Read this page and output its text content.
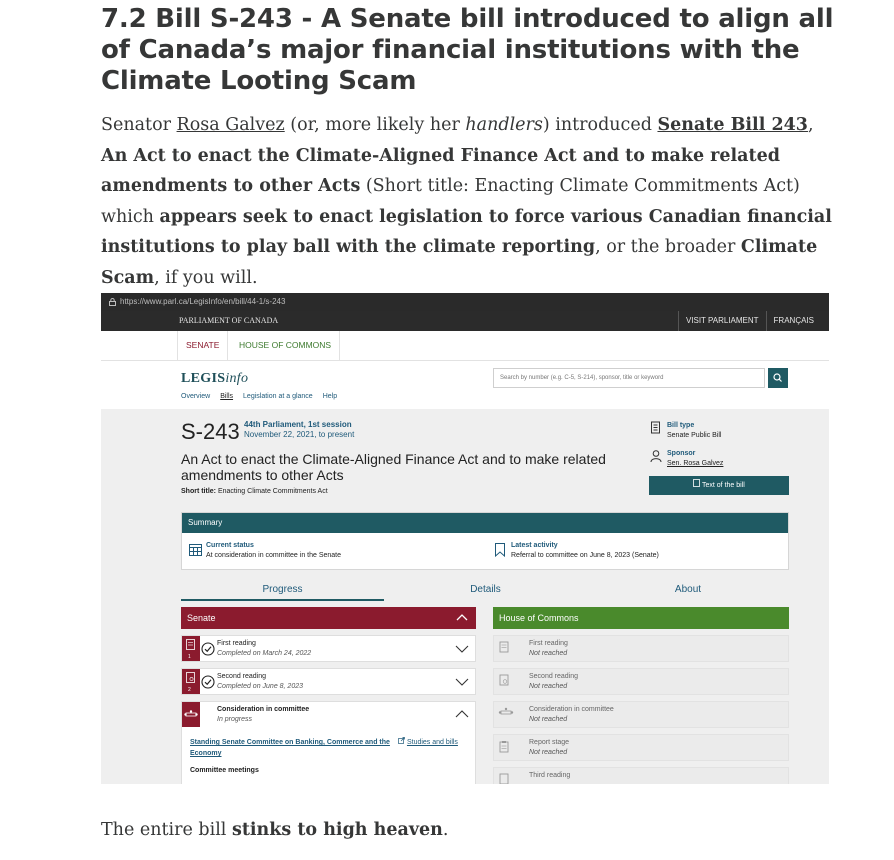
7.2 Bill S-243 - A Senate bill introduced to align all of Canada’s major financial institutions with the Climate Looting Scam

Senator Rosa Galvez (or, more likely her handlers) introduced Senate Bill 243, An Act to enact the Climate-Aligned Finance Act and to make related amendments to other Acts (Short title: Enacting Climate Commitments Act) which appears seek to enact legislation to force various Canadian financial institutions to play ball with the climate reporting, or the broader Climate Scam, if you will.

https://www.parl.ca/LegisInfo/en/bill/44-1/s-243
PARLIAMENT OF CANADA	VISIT PARLIAMENT	FRANÇAIS
SENATE	HOUSE OF COMMONS
LEGISinfo	Search by number (e.g. C-5, S-214), sponsor, title or keyword
Overview Bills Legislation at a glance Help
S-243 44th Parliament, 1st session
November 22, 2021, to present
An Act to enact the Climate-Aligned Finance Act and to make related amendments to other Acts
Short title: Enacting Climate Commitments Act
Bill type
Senate Public Bill
Sponsor
Sen. Rosa Galvez
Text of the bill
Summary
Current status
At consideration in committee in the Senate
Latest activity
Referral to committee on June 8, 2023 (Senate)
Progress	Details	About
Senate
1
First reading
Completed on March 24, 2022
2
Second reading
Completed on June 8, 2023
Consideration in committee
In progress
Standing Senate Committee on Banking, Commerce and the Economy
Studies and bills
Committee meetings
House of Commons
First reading
Not reached
Second reading
Not reached
Consideration in committee
Not reached
Report stage
Not reached
Third reading

The entire bill stinks to high heaven.
